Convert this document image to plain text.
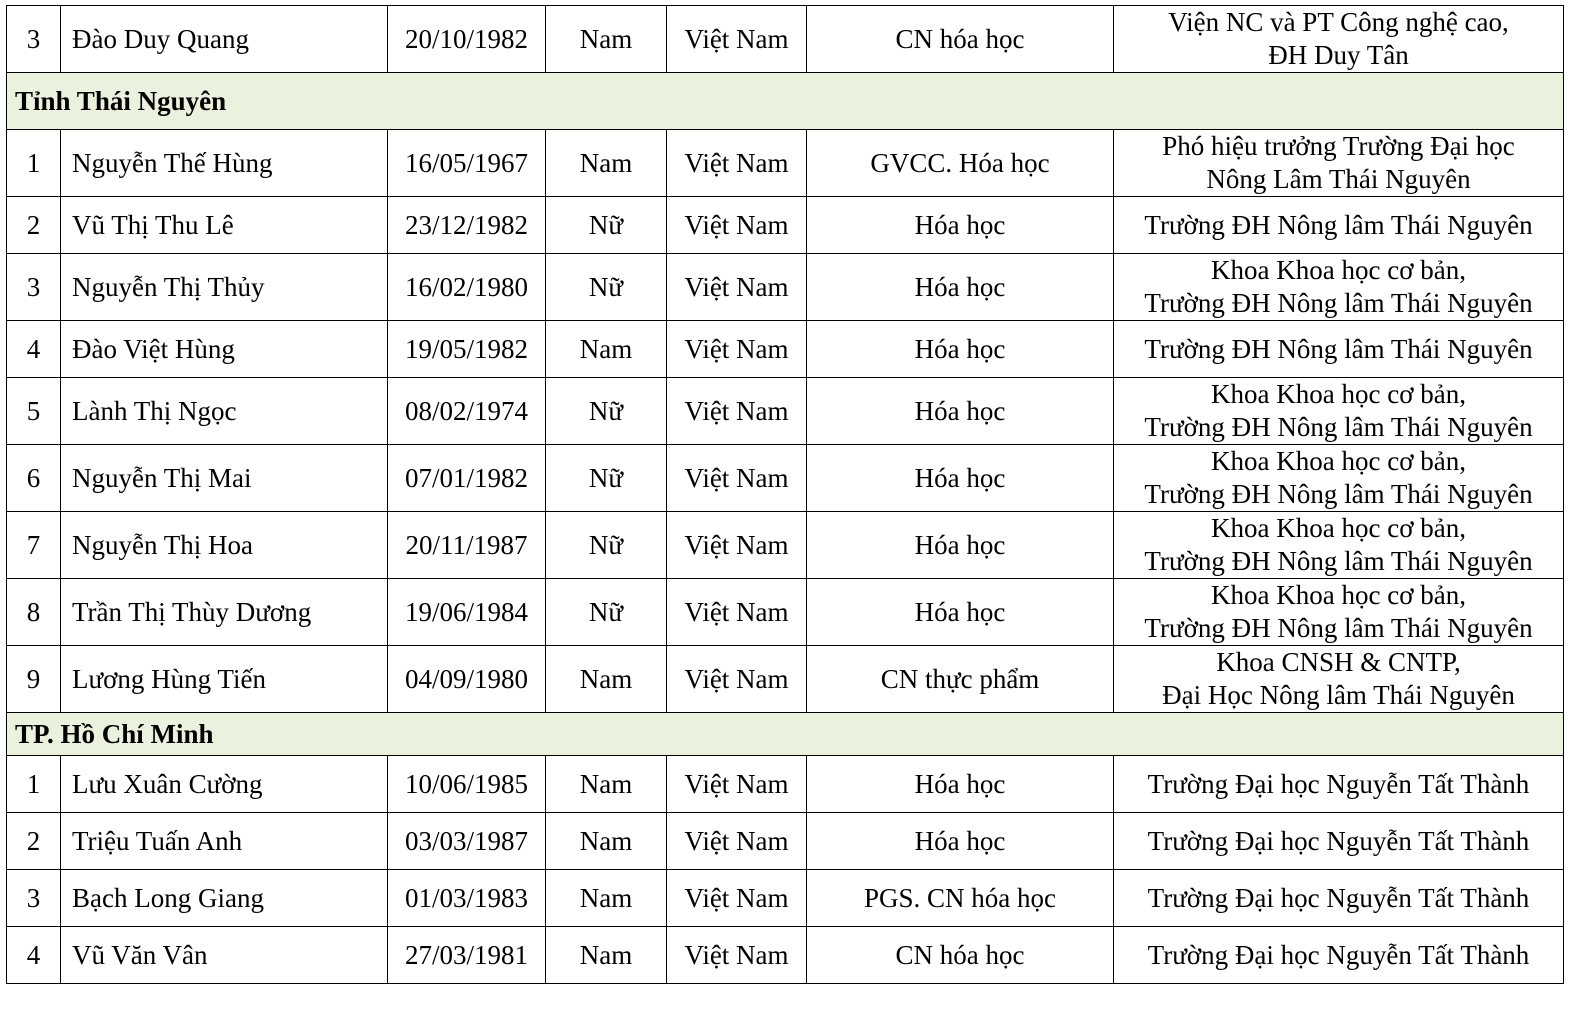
3	Đào Duy Quang	20/10/1982	Nam	Việt Nam	CN hóa học	Viện NC và PT Công nghệ cao,
ĐH Duy Tân
Tỉnh Thái Nguyên						
1	Nguyễn Thế Hùng	16/05/1967	Nam	Việt Nam	GVCC. Hóa học	Phó hiệu trưởng Trường Đại học
Nông Lâm Thái Nguyên
2	Vũ Thị Thu Lê	23/12/1982	Nữ	Việt Nam	Hóa học	Trường ĐH Nông lâm Thái Nguyên
3	Nguyễn Thị Thủy	16/02/1980	Nữ	Việt Nam	Hóa học	Khoa Khoa học cơ bản,
Trường ĐH Nông lâm Thái Nguyên
4	Đào Việt Hùng	19/05/1982	Nam	Việt Nam	Hóa học	Trường ĐH Nông lâm Thái Nguyên
5	Lành Thị Ngọc	08/02/1974	Nữ	Việt Nam	Hóa học	Khoa Khoa học cơ bản,
Trường ĐH Nông lâm Thái Nguyên
6	Nguyễn Thị Mai	07/01/1982	Nữ	Việt Nam	Hóa học	Khoa Khoa học cơ bản,
Trường ĐH Nông lâm Thái Nguyên
7	Nguyễn Thị Hoa	20/11/1987	Nữ	Việt Nam	Hóa học	Khoa Khoa học cơ bản,
Trường ĐH Nông lâm Thái Nguyên
8	Trần Thị Thùy Dương	19/06/1984	Nữ	Việt Nam	Hóa học	Khoa Khoa học cơ bản,
Trường ĐH Nông lâm Thái Nguyên
9	Lương Hùng Tiến	04/09/1980	Nam	Việt Nam	CN thực phẩm	Khoa CNSH & CNTP,
Đại Học Nông lâm Thái Nguyên
TP. Hồ Chí Minh						
1	Lưu Xuân Cường	10/06/1985	Nam	Việt Nam	Hóa học	Trường Đại học Nguyễn Tất Thành
2	Triệu Tuấn Anh	03/03/1987	Nam	Việt Nam	Hóa học	Trường Đại học Nguyễn Tất Thành
3	Bạch Long Giang	01/03/1983	Nam	Việt Nam	PGS. CN hóa học	Trường Đại học Nguyễn Tất Thành
4	Vũ Văn Vân	27/03/1981	Nam	Việt Nam	CN hóa học	Trường Đại học Nguyễn Tất Thành
